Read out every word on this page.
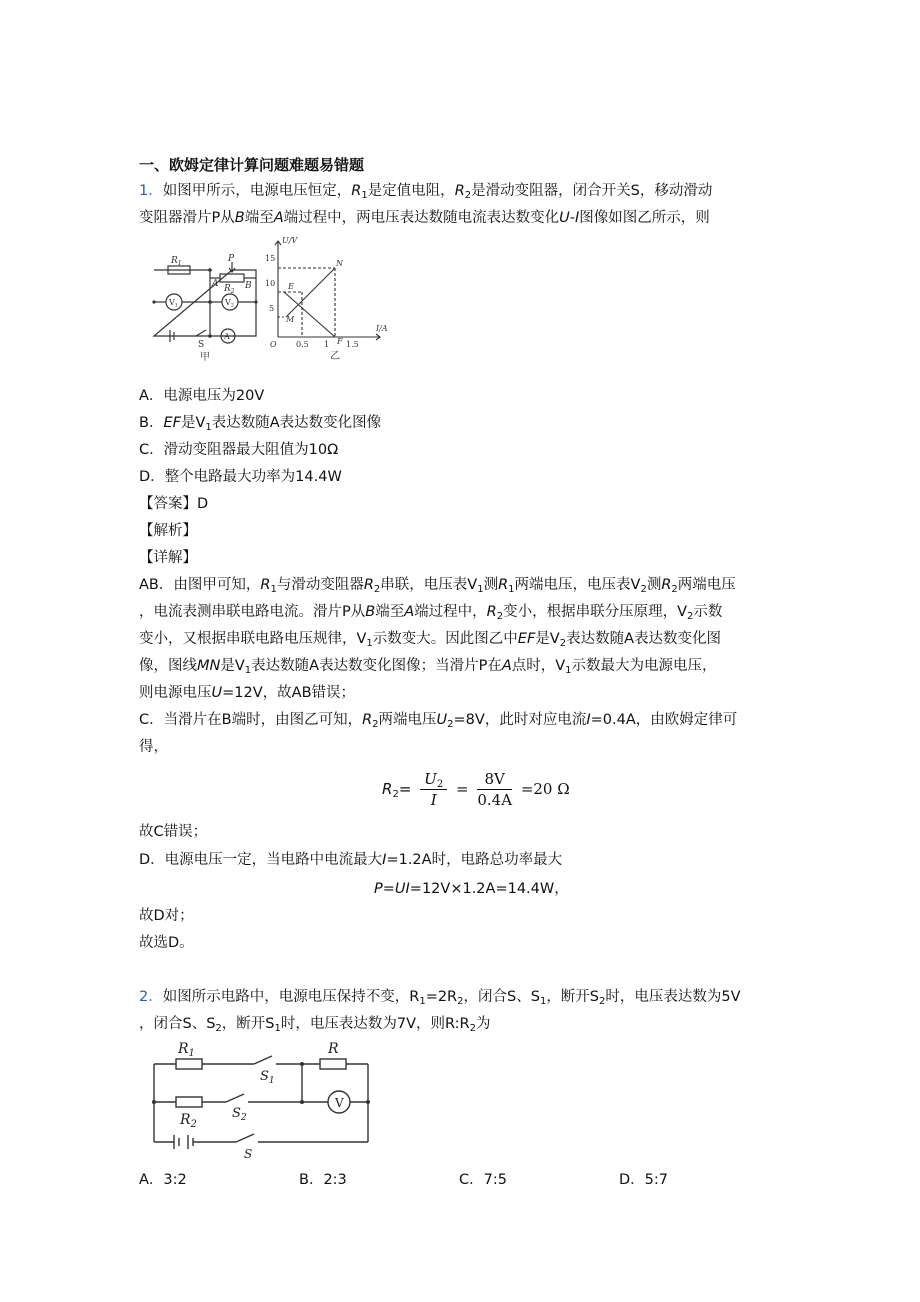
一、欧姆定律计算问题难题易错题
1．如图甲所示，电源电压恒定，$R_1$是定值电阻，$R_2$是滑动变阻器，闭合开关S，移动滑动
变阻器滑片P从B端至A端过程中，两电压表达数随电流表达数变化U-I图像如图乙所示，则
$R_1$	P
A $R_2$
B
V1	V2
A
S
甲
U/V
I/A
15
10
5
O 0.5 1 1.5
N
E
M
F
乙
A．电源电压为20V
B．EF是$V_1$表达数随A表达数变化图像
C．滑动变阻器最大阻值为10Ω
D．整个电路最大功率为14.4W
【答案】D
【解析】
【详解】
AB．由图甲可知，$R_1$与滑动变阻器$R_2$串联，电压表$V_1$测$R_1$两端电压，电压表$V_2$测$R_2$两端电压
，电流表测串联电路电流。滑片P从B端至A端过程中，$R_2$变小，根据串联分压原理，$V_2$示数
变小，又根据串联电路电压规律，$V_1$示数变大。因此图乙中EF是$V_2$表达数随A表达数变化图
像，图线MN是$V_1$表达数随A表达数变化图像；当滑片P在A点时，$V_1$示数最大为电源电压，
则电源电压U=12V，故AB错误；
C．当滑片在B端时，由图乙可知，$R_2$两端电压$U_2=8V$，此时对应电流I=0.4A，由欧姆定律可
得，
$R_2= \frac{U_2}{I} = \frac{8V}{0.4A} =20$ Ω
故C错误；
D．电源电压一定，当电路中电流最大I=1.2A时，电路总功率最大
P=UI=12V×1.2A=14.4W，
故D对；
故选D。
2．如图所示电路中，电源电压保持不变，$R_1=2R_2$，闭合S、$S_1$，断开$S_2$时，电压表达数为5V
，闭合S、$S_2$，断开$S_1$时，电压表达数为7V，则$R:R_2$为
$R_1$
$S_1$
R
$R_2$
$S_2$
V
S
A．3:2	B．2:3	C．7:5	D．5:7
